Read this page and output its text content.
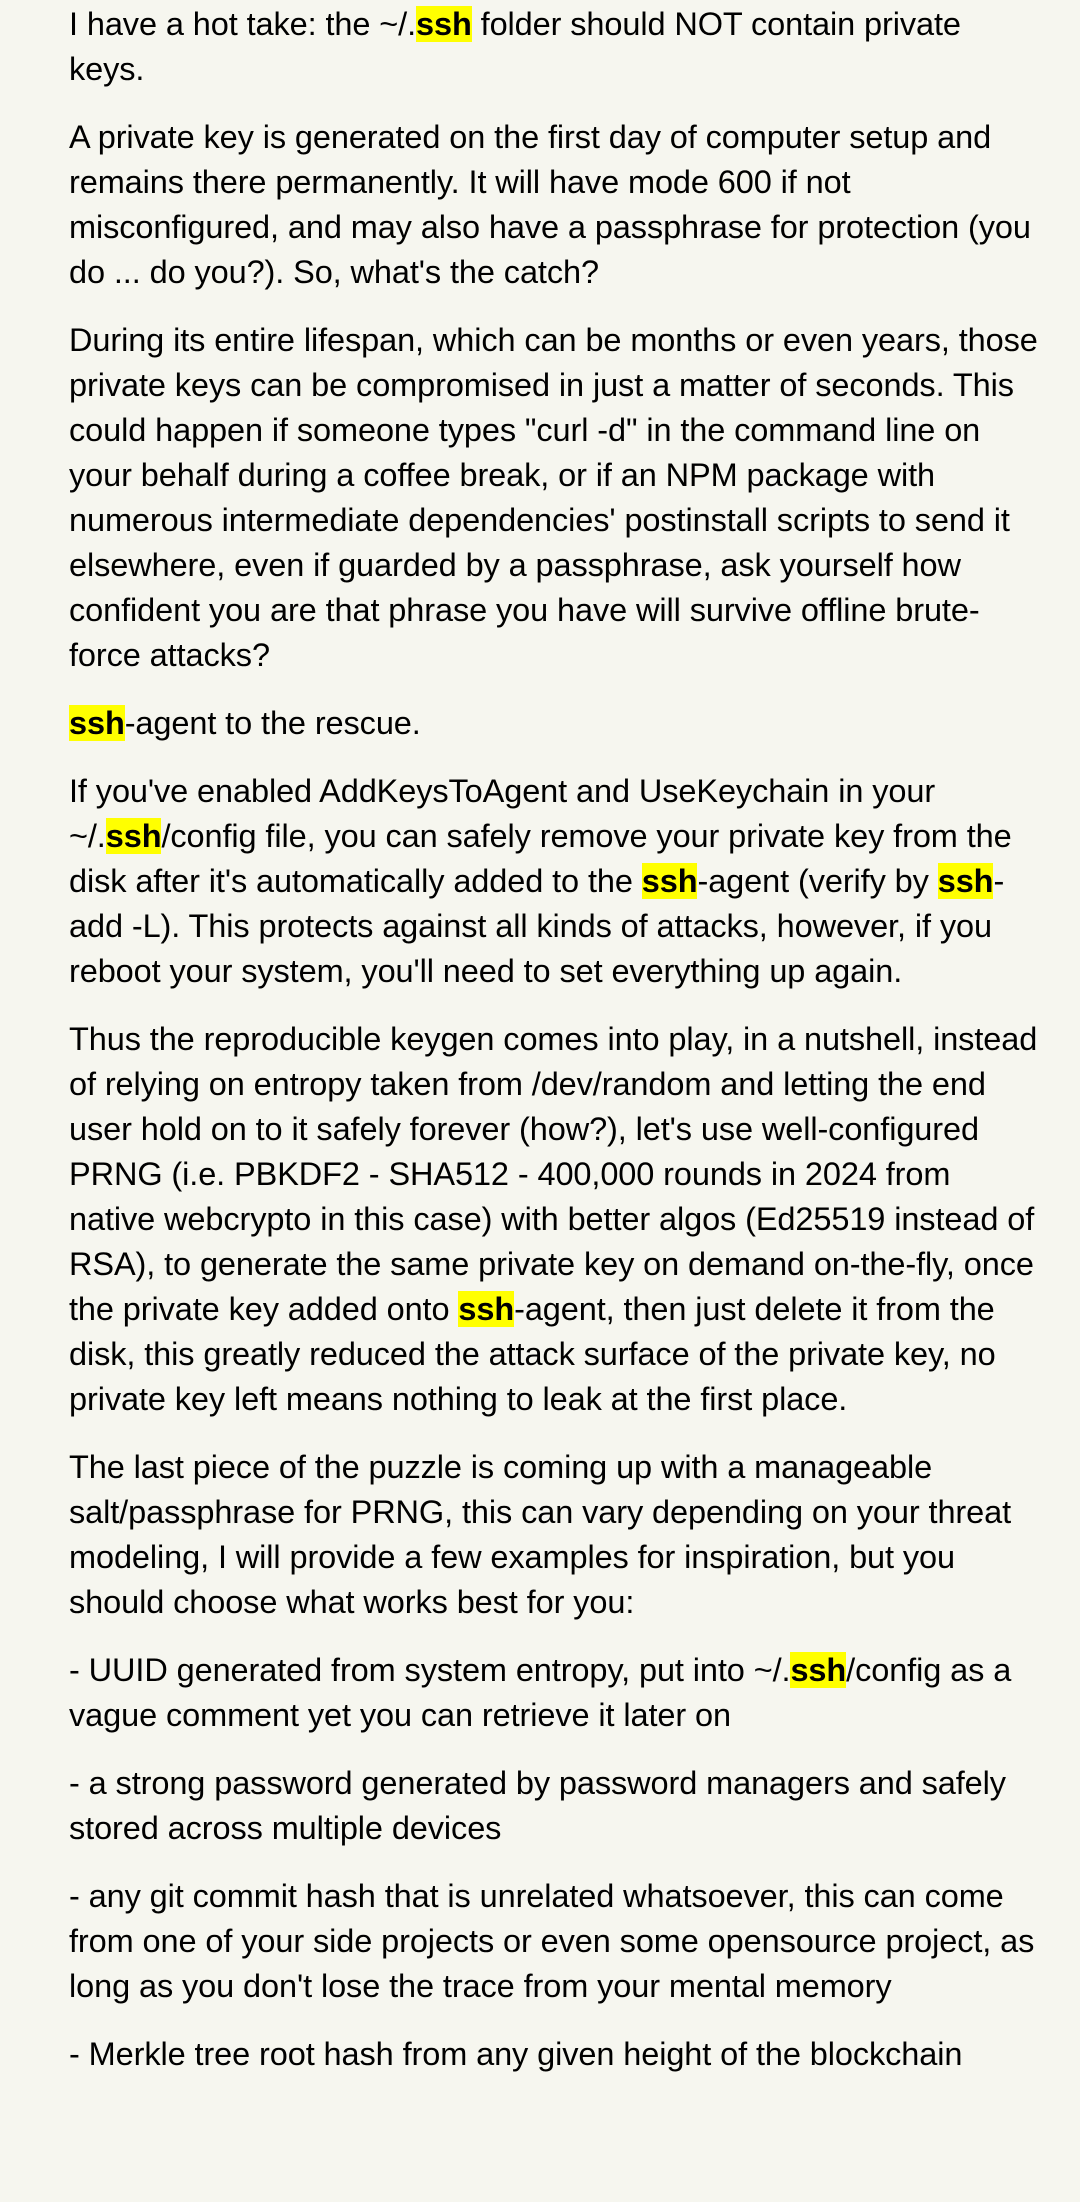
I have a hot take: the ~/.ssh folder should NOT contain private keys.

A private key is generated on the first day of computer setup and remains there permanently. It will have mode 600 if not misconfigured, and may also have a passphrase for protection (you do ... do you?). So, what's the catch?

During its entire lifespan, which can be months or even years, those private keys can be compromised in just a matter of seconds. This could happen if someone types "curl -d" in the command line on your behalf during a coffee break, or if an NPM package with numerous intermediate dependencies' postinstall scripts to send it elsewhere, even if guarded by a passphrase, ask yourself how confident you are that phrase you have will survive offline brute-force attacks?

ssh-agent to the rescue.

If you've enabled AddKeysToAgent and UseKeychain in your ~/.ssh/config file, you can safely remove your private key from the disk after it's automatically added to the ssh-agent (verify by ssh-add -L). This protects against all kinds of attacks, however, if you reboot your system, you'll need to set everything up again.

Thus the reproducible keygen comes into play, in a nutshell, instead of relying on entropy taken from /dev/random and letting the end user hold on to it safely forever (how?), let's use well-configured PRNG (i.e. PBKDF2 - SHA512 - 400,000 rounds in 2024 from native webcrypto in this case) with better algos (Ed25519 instead of RSA), to generate the same private key on demand on-the-fly, once the private key added onto ssh-agent, then just delete it from the disk, this greatly reduced the attack surface of the private key, no private key left means nothing to leak at the first place.

The last piece of the puzzle is coming up with a manageable salt/passphrase for PRNG, this can vary depending on your threat modeling, I will provide a few examples for inspiration, but you should choose what works best for you:

- UUID generated from system entropy, put into ~/.ssh/config as a vague comment yet you can retrieve it later on

- a strong password generated by password managers and safely stored across multiple devices

- any git commit hash that is unrelated whatsoever, this can come from one of your side projects or even some opensource project, as long as you don't lose the trace from your mental memory

- Merkle tree root hash from any given height of the blockchain
